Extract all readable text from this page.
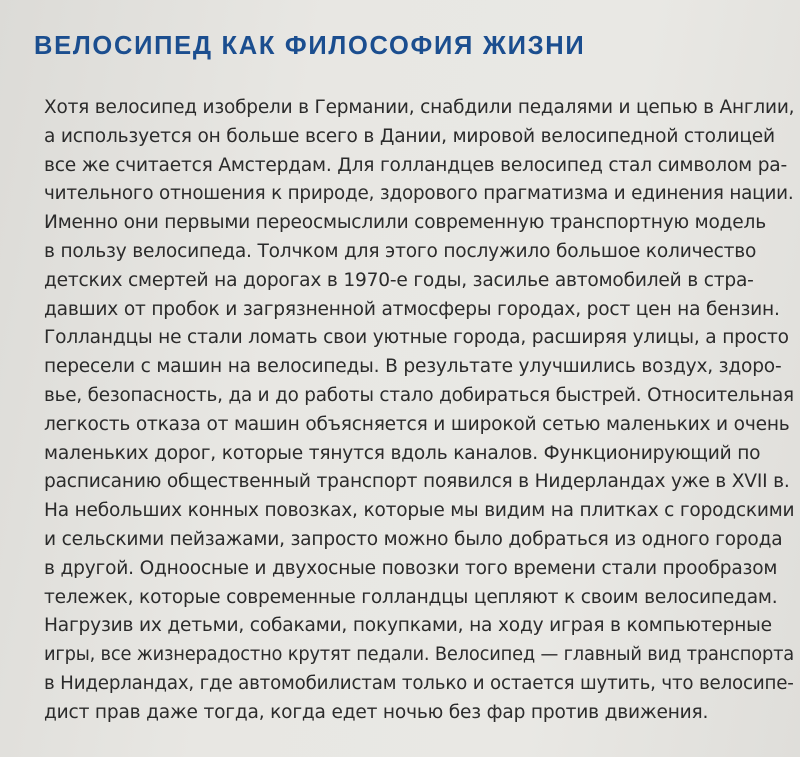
ВЕЛОСИПЕД КАК ФИЛОСОФИЯ ЖИЗНИ
Хотя велосипед изобрели в Германии, снабдили педалями и цепью в Англии,
а используется он больше всего в Дании, мировой велосипедной столицей
все же считается Амстердам. Для голландцев велосипед стал символом ра-
чительного отношения к природе, здорового прагматизма и единения нации.
Именно они первыми переосмыслили современную транспортную модель
в пользу велосипеда. Толчком для этого послужило большое количество
детских смертей на дорогах в 1970-е годы, засилье автомобилей в стра-
давших от пробок и загрязненной атмосферы городах, рост цен на бензин.
Голландцы не стали ломать свои уютные города, расширяя улицы, а просто
пересели с машин на велосипеды. В результате улучшились воздух, здоро-
вье, безопасность, да и до работы стало добираться быстрей. Относительная
легкость отказа от машин объясняется и широкой сетью маленьких и очень
маленьких дорог, которые тянутся вдоль каналов. Функционирующий по
расписанию общественный транспорт появился в Нидерландах уже в XVII в.
На небольших конных повозках, которые мы видим на плитках с городскими
и сельскими пейзажами, запросто можно было добраться из одного города
в другой. Одноосные и двухосные повозки того времени стали прообразом
тележек, которые современные голландцы цепляют к своим велосипедам.
Нагрузив их детьми, собаками, покупками, на ходу играя в компьютерные
игры, все жизнерадостно крутят педали. Велосипед — главный вид транспорта
в Нидерландах, где автомобилистам только и остается шутить, что велосипе-
дист прав даже тогда, когда едет ночью без фар против движения.
